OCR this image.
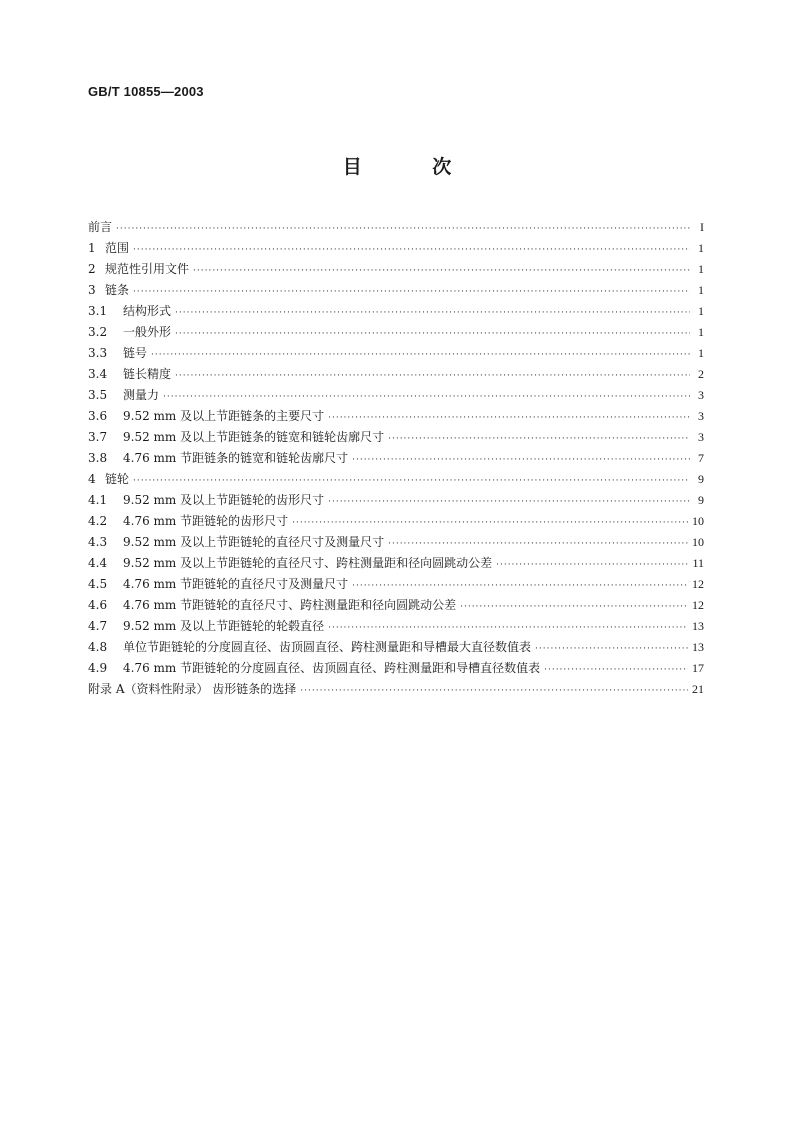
GB/T 10855—2003
目 次
前言 ·····	I
1 范围 ·····	1
2 规范性引用文件 ·····	1
3 链条 ·····	1
3.1	结构形式 ·····	1
3.2	一般外形 ·····	1
3.3	链号 ·····	1
3.4	链长精度 ·····	2
3.5	测量力 ·····	3
3.6	9.52 mm 及以上节距链条的主要尺寸 ·····	3
3.7	9.52 mm 及以上节距链条的链宽和链轮齿廓尺寸 ·····	3
3.8	4.76 mm 节距链条的链宽和链轮齿廓尺寸 ·····	7
4 链轮 ·····	9
4.1	9.52 mm 及以上节距链轮的齿形尺寸 ·····	9
4.2	4.76 mm 节距链轮的齿形尺寸 ·····	10
4.3	9.52 mm 及以上节距链轮的直径尺寸及测量尺寸 ·····	10
4.4	9.52 mm 及以上节距链轮的直径尺寸、跨柱测量距和径向圆跳动公差 ·····	11
4.5	4.76 mm 节距链轮的直径尺寸及测量尺寸 ·····	12
4.6	4.76 mm 节距链轮的直径尺寸、跨柱测量距和径向圆跳动公差 ·····	12
4.7	9.52 mm 及以上节距链轮的轮毂直径 ·····	13
4.8	单位节距链轮的分度圆直径、齿顶圆直径、跨柱测量距和导槽最大直径数值表 ·····	13
4.9	4.76 mm 节距链轮的分度圆直径、齿顶圆直径、跨柱测量距和导槽直径数值表 ·····	17
附录 A（资料性附录） 齿形链条的选择 ·····	21
